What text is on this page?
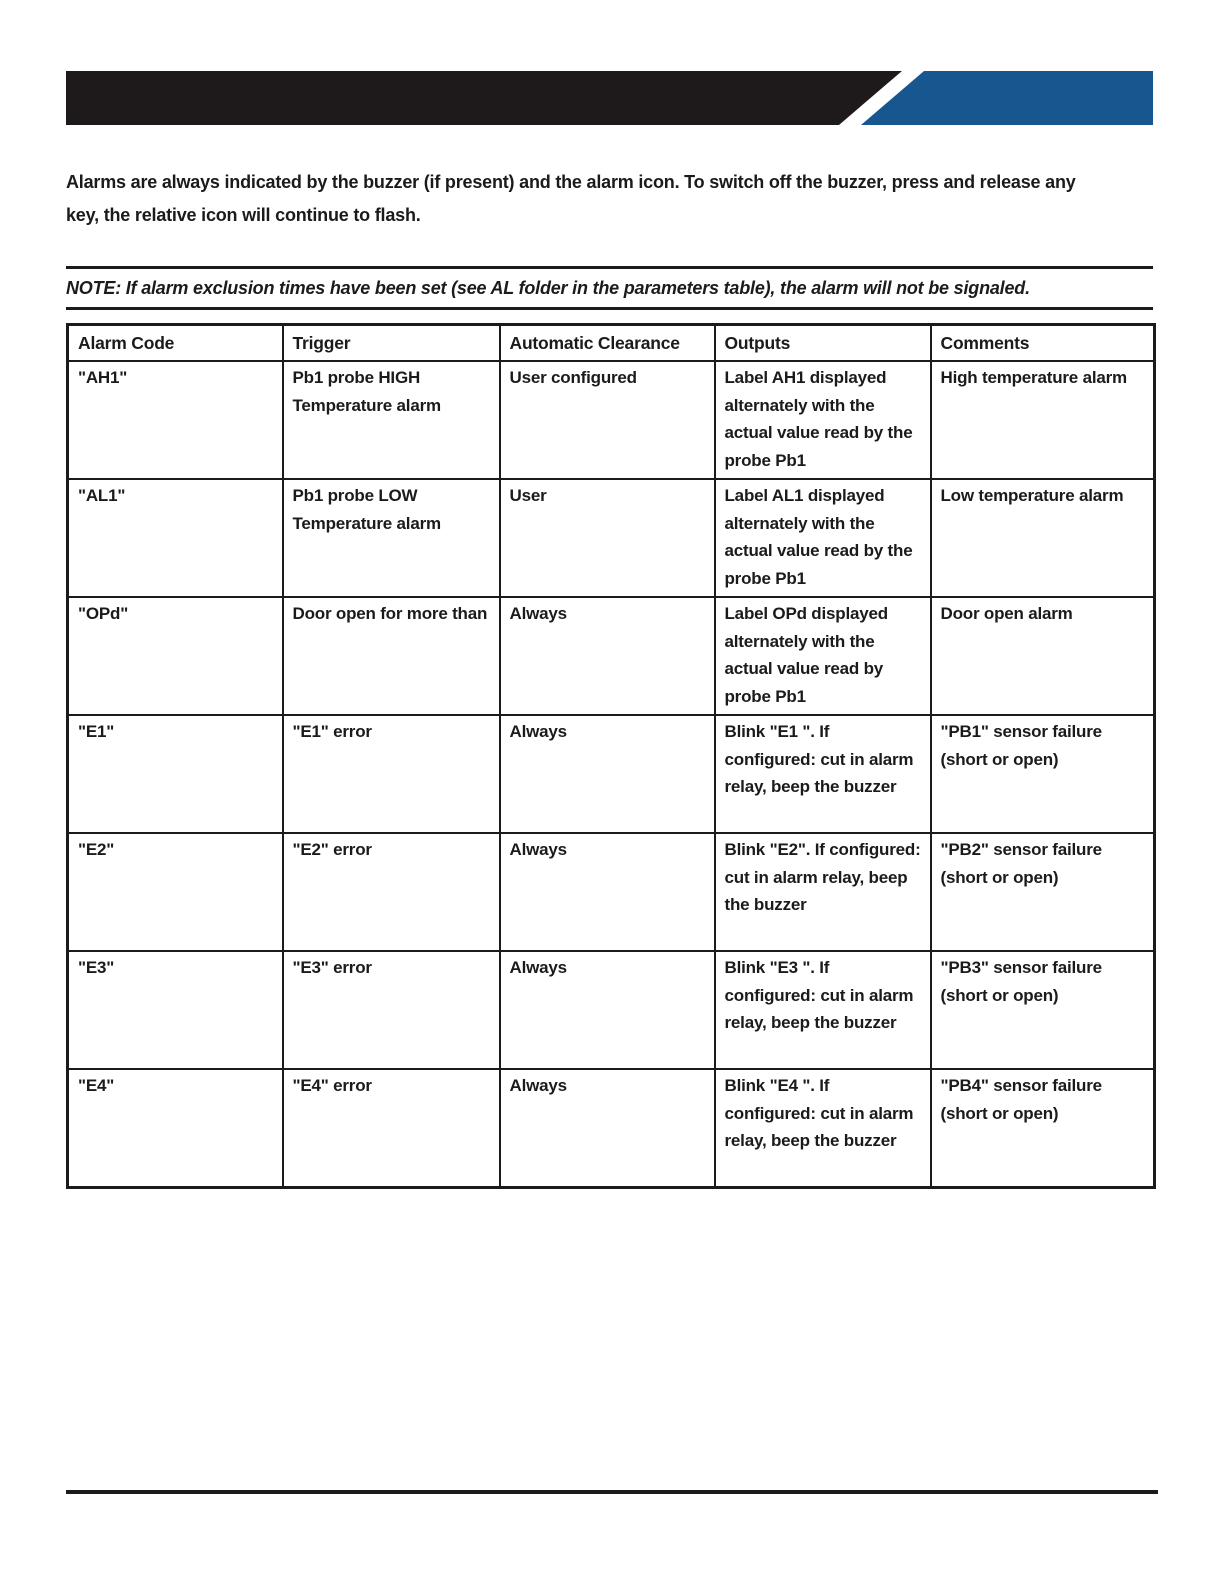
Alarms are always indicated by the buzzer (if present) and the alarm icon. To switch off the buzzer, press and release any key, the relative icon will continue to flash.

NOTE: If alarm exclusion times have been set (see AL folder in the parameters table), the alarm will not be signaled.
Alarm Code	Trigger	Automatic Clearance	Outputs	Comments
"AH1"	Pb1 probe HIGH Temperature alarm	User configured	Label AH1 displayed alternately with the actual value read by the probe Pb1	High temperature alarm
"AL1"	Pb1 probe LOW Temperature alarm	User	Label AL1 displayed alternately with the actual value read by the probe Pb1	Low temperature alarm
"OPd"	Door open for more than	Always	Label OPd displayed alternately with the actual value read by probe Pb1	Door open alarm
"E1"	"E1" error	Always	Blink "E1 ". If configured: cut in alarm relay, beep the buzzer	"PB1" sensor failure (short or open)
"E2"	"E2" error	Always	Blink "E2". If configured: cut in alarm relay, beep the buzzer	"PB2" sensor failure (short or open)
"E3"	"E3" error	Always	Blink "E3 ". If configured: cut in alarm relay, beep the buzzer	"PB3" sensor failure (short or open)
"E4"	"E4" error	Always	Blink "E4 ". If configured: cut in alarm relay, beep the buzzer	"PB4" sensor failure (short or open)
